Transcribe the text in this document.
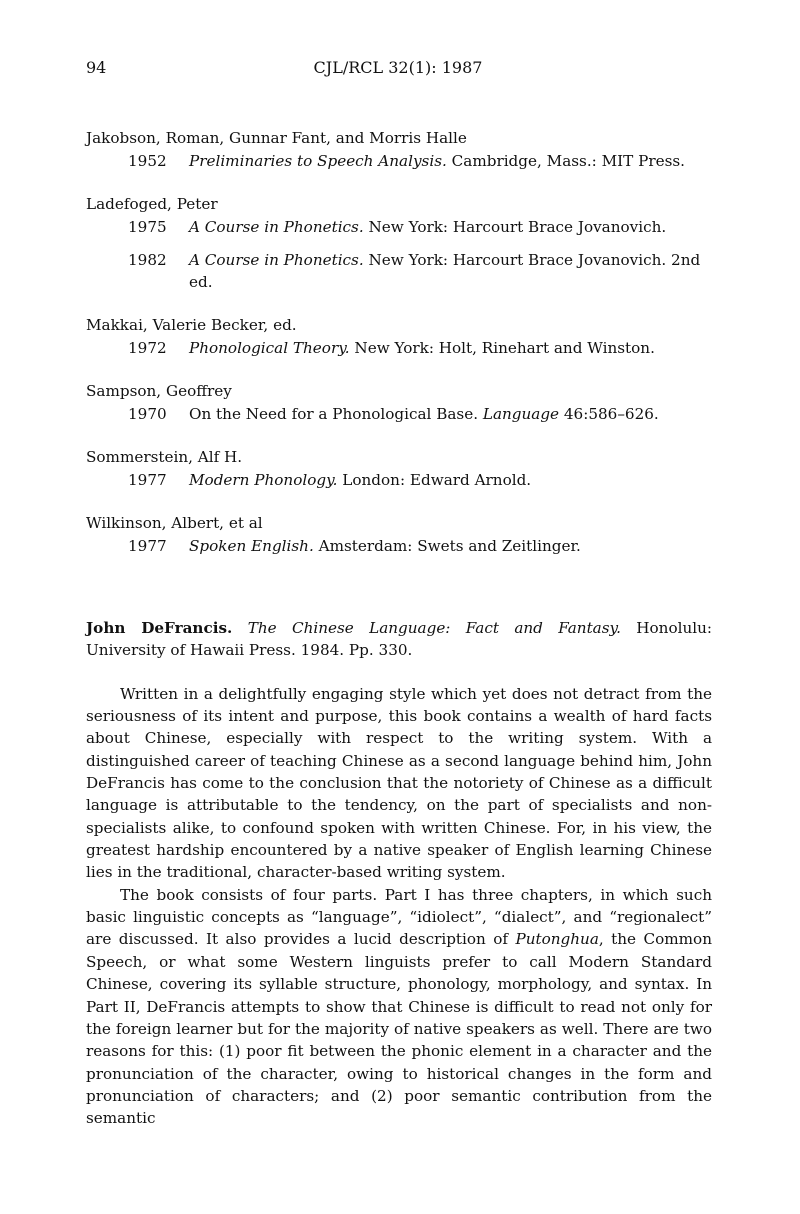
94	CJL/RCL 32(1): 1987
Jakobson, Roman, Gunnar Fant, and Morris Halle
1952 Preliminaries to Speech Analysis. Cambridge, Mass.: MIT Press.
Ladefoged, Peter
1975 A Course in Phonetics. New York: Harcourt Brace Jovanovich.
1982 A Course in Phonetics. New York: Harcourt Brace Jovanovich. 2nd ed.
Makkai, Valerie Becker, ed.
1972 Phonological Theory. New York: Holt, Rinehart and Winston.
Sampson, Geoffrey
1970 On the Need for a Phonological Base. Language 46:586–626.
Sommerstein, Alf H.
1977 Modern Phonology. London: Edward Arnold.
Wilkinson, Albert, et al
1977 Spoken English. Amsterdam: Swets and Zeitlinger.

John DeFrancis. The Chinese Language: Fact and Fantasy. Honolulu: University of Hawaii Press. 1984. Pp. 330.

Written in a delightfully engaging style which yet does not detract from the seriousness of its intent and purpose, this book contains a wealth of hard facts about Chinese, especially with respect to the writing system. With a distinguished career of teaching Chinese as a second language behind him, John DeFrancis has come to the conclusion that the notoriety of Chinese as a difficult language is attributable to the tendency, on the part of specialists and non-specialists alike, to confound spoken with written Chinese. For, in his view, the greatest hardship encountered by a native speaker of English learning Chinese lies in the traditional, character-based writing system.

The book consists of four parts. Part I has three chapters, in which such basic linguistic concepts as “language”, “idiolect”, “dialect”, and “regionalect” are discussed. It also provides a lucid description of Putonghua, the Common Speech, or what some Western linguists prefer to call Modern Standard Chinese, covering its syllable structure, phonology, morphology, and syntax. In Part II, DeFrancis attempts to show that Chinese is difficult to read not only for the foreign learner but for the majority of native speakers as well. There are two reasons for this: (1) poor fit between the phonic element in a character and the pronunciation of the character, owing to historical changes in the form and pronunciation of characters; and (2) poor semantic contribution from the semantic
